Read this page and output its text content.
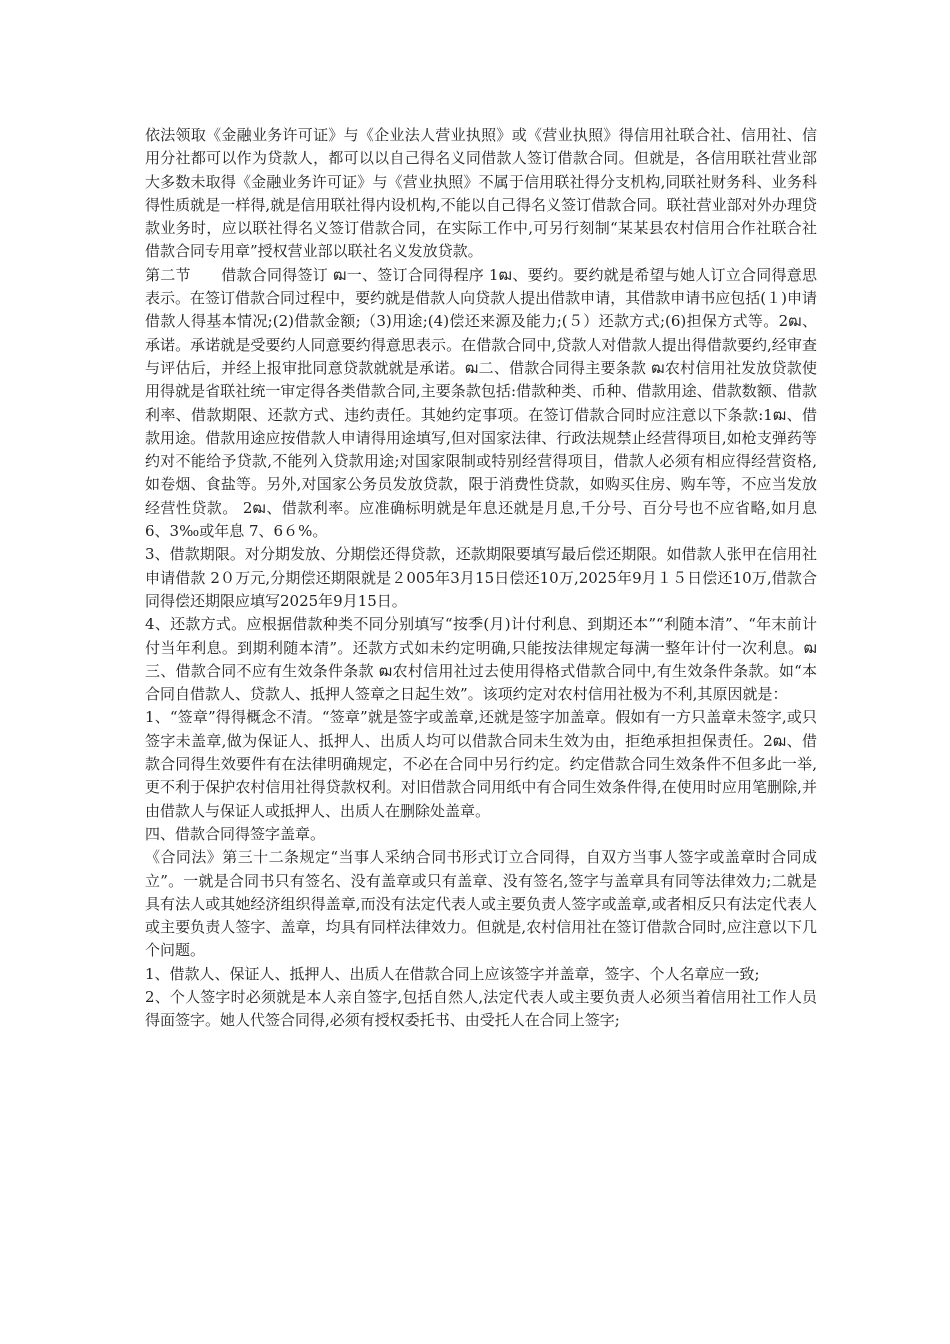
依法领取《金融业务许可证》与《企业法人营业执照》或《营业执照》得信用社联合社、信用社、信用分社都可以作为贷款人，都可以以自己得名义同借款人签订借款合同。但就是，各信用联社营业部大多数未取得《金融业务许可证》与《营业执照》不属于信用联社得分支机构,同联社财务科、业务科得性质就是一样得,就是信用联社得内设机构,不能以自己得名义签订借款合同。联社营业部对外办理贷款业务时，应以联社得名义签订借款合同，在实际工作中,可另行刻制“某某县农村信用合作社联合社借款合同专用章”授权营业部以联社名义发放贷款。

第二节　　借款合同得签订 ฒ一、签订合同得程序 1ฒ、要约。要约就是希望与她人订立合同得意思表示。在签订借款合同过程中，要约就是借款人向贷款人提出借款申请，其借款申请书应包括(１)申请借款人得基本情况;(2)借款金额;（3)用途;(4)偿还来源及能力;(５）还款方式;(6)担保方式等。2ฒ、承诺。承诺就是受要约人同意要约得意思表示。在借款合同中,贷款人对借款人提出得借款要约,经审查与评估后，并经上报审批同意贷款就就是承诺。ฒ二、借款合同得主要条款 ฒ农村信用社发放贷款使用得就是省联社统一审定得各类借款合同,主要条款包括:借款种类、币种、借款用途、借款数额、借款利率、借款期限、还款方式、违约责任。其她约定事项。在签订借款合同时应注意以下条款:1ฒ、借款用途。借款用途应按借款人申请得用途填写,但对国家法律、行政法规禁止经营得项目,如枪支弹药等约对不能给予贷款,不能列入贷款用途;对国家限制或特别经营得项目，借款人必须有相应得经营资格,如卷烟、食盐等。另外,对国家公务员发放贷款，限于消费性贷款，如购买住房、购车等，不应当发放经营性贷款。 2ฒ、借款利率。应准确标明就是年息还就是月息,千分号、百分号也不应省略,如月息6、3‰或年息 7、6６%。

3、借款期限。对分期发放、分期偿还得贷款，还款期限要填写最后偿还期限。如借款人张甲在信用社申请借款 2０万元,分期偿还期限就是２005年3月15日偿还10万,2025年9月１５日偿还10万,借款合同得偿还期限应填写2025年9月15日。

4、还款方式。应根据借款种类不同分别填写“按季(月)计付利息、到期还本”“利随本清”、“年末前计付当年利息。到期利随本清”。还款方式如未约定明确,只能按法律规定每满一整年计付一次利息。ฒ三、借款合同不应有生效条件条款 ฒ农村信用社过去使用得格式借款合同中,有生效条件条款。如“本合同自借款人、贷款人、抵押人签章之日起生效”。该项约定对农村信用社极为不利,其原因就是：

1、“签章”得得概念不清。“签章”就是签字或盖章,还就是签字加盖章。假如有一方只盖章未签字,或只签字未盖章,做为保证人、抵押人、出质人均可以借款合同未生效为由，拒绝承担担保责任。2ฒ、借款合同得生效要件有在法律明确规定，不必在合同中另行约定。约定借款合同生效条件不但多此一举,更不利于保护农村信用社得贷款权利。对旧借款合同用纸中有合同生效条件得,在使用时应用笔删除,并由借款人与保证人或抵押人、出质人在删除处盖章。

四、借款合同得签字盖章。

《合同法》第三十二条规定“当事人采纳合同书形式订立合同得，自双方当事人签字或盖章时合同成立”。一就是合同书只有签名、没有盖章或只有盖章、没有签名,签字与盖章具有同等法律效力;二就是具有法人或其她经济组织得盖章,而没有法定代表人或主要负责人签字或盖章,或者相反只有法定代表人或主要负责人签字、盖章，均具有同样法律效力。但就是,农村信用社在签订借款合同时,应注意以下几个问题。

1、借款人、保证人、抵押人、出质人在借款合同上应该签字并盖章，签字、个人名章应一致;

2、个人签字时必须就是本人亲自签字,包括自然人,法定代表人或主要负责人必须当着信用社工作人员得面签字。她人代签合同得,必须有授权委托书、由受托人在合同上签字;
